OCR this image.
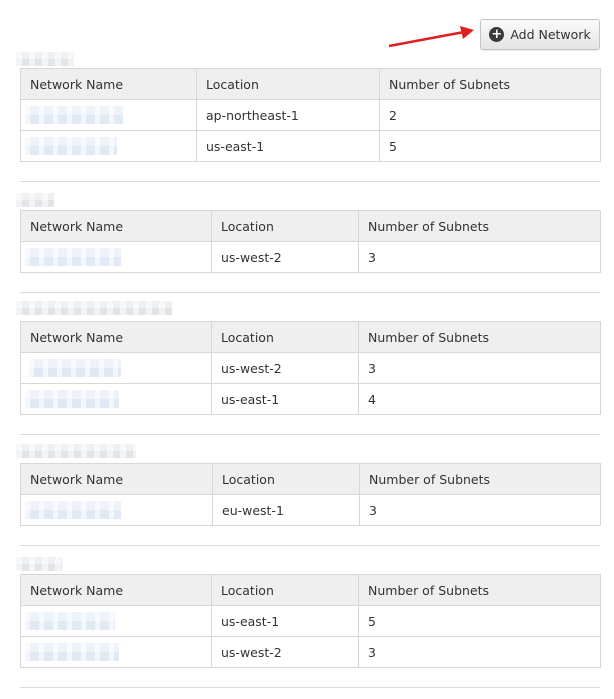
+ Add Network
Network Name	Location	Number of Subnets
	ap-northeast-1	2
	us-east-1	5
Network Name	Location	Number of Subnets
	us-west-2	3
Network Name	Location	Number of Subnets
	us-west-2	3
	us-east-1	4
Network Name	Location	Number of Subnets
	eu-west-1	3
Network Name	Location	Number of Subnets
	us-east-1	5
	us-west-2	3
